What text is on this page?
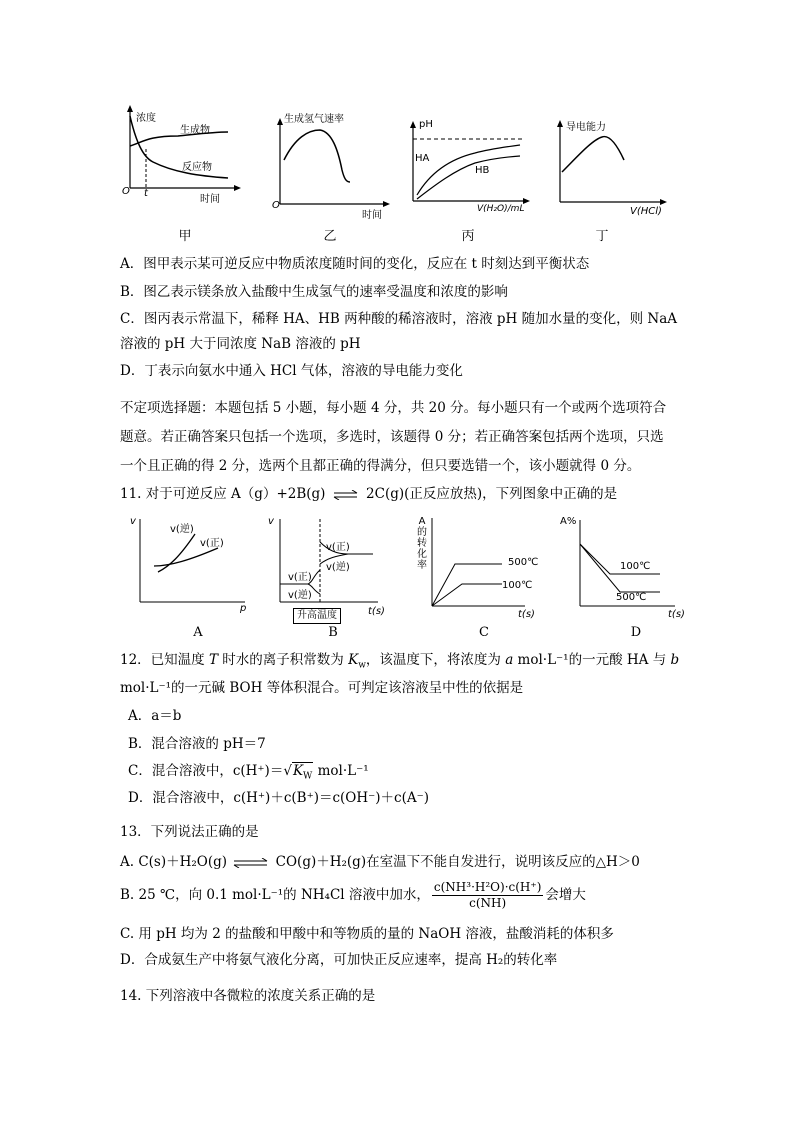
浓度
生成物
反应物
O t
时间
甲
生成氢气速率
O
时间
乙
pH
HA
HB
V(H₂O)/mL
丙
导电能力
V(HCl)
丁
A．图甲表示某可逆反应中物质浓度随时间的变化，反应在 t 时刻达到平衡状态
B．图乙表示镁条放入盐酸中生成氢气的速率受温度和浓度的影响
C．图丙表示常温下，稀释 HA、HB 两种酸的稀溶液时，溶液 pH 随加水量的变化，则 NaA
溶液的 pH 大于同浓度 NaB 溶液的 pH
D．丁表示向氨水中通入 HCl 气体，溶液的导电能力变化
不定项选择题：本题包括 5 小题，每小题 4 分，共 20 分。每小题只有一个或两个选项符合
题意。若正确答案只包括一个选项，多选时，该题得 0 分；若正确答案包括两个选项，只选
一个且正确的得 2 分，选两个且都正确的得满分，但只要选错一个，该小题就得 0 分。
11. 对于可逆反应 A（g）+2B(g) ⇌ 2C(g)(正反应放热)，下列图象中正确的是
v
v(逆)
v(正)
p
A
v
v(正)
v(逆)
v(正)
v(逆)
t(s)
升高温度
B
A
的
转
化
率	500℃
100℃
t(s)
C
A%
100℃
500℃
t(s)
D
12．已知温度 T 时水的离子积常数为 $K_w$，该温度下，将浓度为 a mol·L⁻¹的一元酸 HA 与 b
mol·L⁻¹的一元碱 BOH 等体积混合。可判定该溶液呈中性的依据是
A．a＝b
B．混合溶液的 pH＝7
C．混合溶液中，$c(H^+)=√K_W$ mol·L⁻¹
D．混合溶液中，c(H⁺)＋c(B⁺)＝c(OH⁻)＋c(A⁻)
13．下列说法正确的是
A. C(s)＋H₂O(g) ⇌ CO(g)＋H₂(g)在室温下不能自发进行，说明该反应的△H＞0
B. 25 ℃，向 0.1 mol·L⁻¹的 NH₄Cl 溶液中加水， $\frac{\text{c(NH³·H²O)·c(H⁺)}}{c(NH)}$ 会增大
C. 用 pH 均为 2 的盐酸和甲酸中和等物质的量的 NaOH 溶液，盐酸消耗的体积多
D．合成氨生产中将氨气液化分离，可加快正反应速率，提高 H₂的转化率
14. 下列溶液中各微粒的浓度关系正确的是
